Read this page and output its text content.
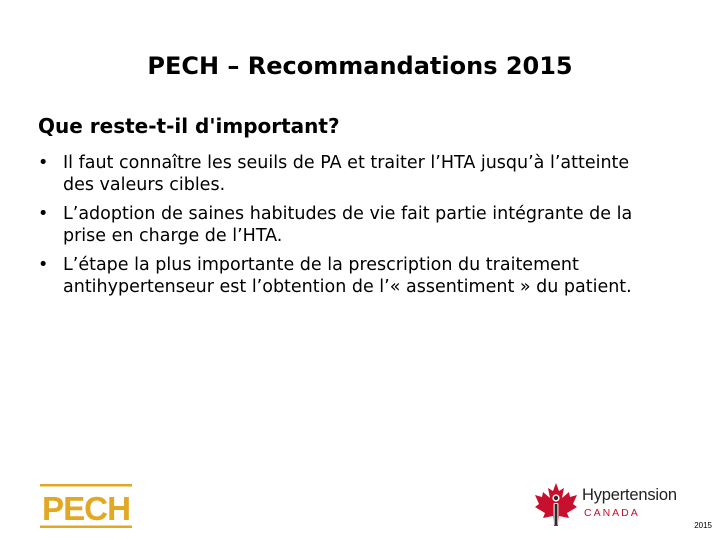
PECH – Recommandations 2015
Que reste-t-il d'important?
• Il faut connaître les seuils de PA et traiter l’HTA jusqu’à l’atteinte des valeurs cibles.
• L’adoption de saines habitudes de vie fait partie intégrante de la prise en charge de l’HTA.
• L’étape la plus importante de la prescription du traitement antihypertenseur est l’obtention de l’« assentiment » du patient.
PECH	Hypertension
CANADA
2015
